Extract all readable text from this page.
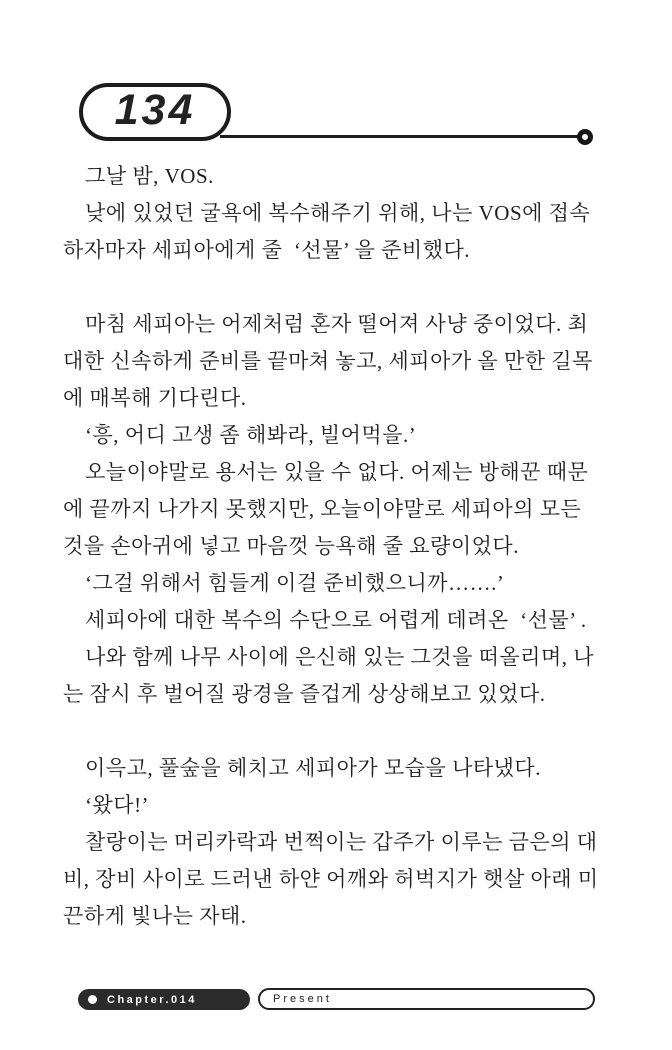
134
그날 밤, VOS.
낮에 있었던 굴욕에 복수해주기 위해, 나는 VOS에 접속
하자마자 세피아에게 줄  ‘선물’ 을 준비했다.
마침 세피아는 어제처럼 혼자 떨어져 사냥 중이었다. 최
대한 신속하게 준비를 끝마쳐 놓고, 세피아가 올 만한 길목
에 매복해 기다린다.
‘흥, 어디 고생 좀 해봐라, 빌어먹을.’
오늘이야말로 용서는 있을 수 없다. 어제는 방해꾼 때문
에 끝까지 나가지 못했지만, 오늘이야말로 세피아의 모든
것을 손아귀에 넣고 마음껏 능욕해 줄 요량이었다.
‘그걸 위해서 힘들게 이걸 준비했으니까…….’
세피아에 대한 복수의 수단으로 어렵게 데려온  ‘선물’ .
나와 함께 나무 사이에 은신해 있는 그것을 떠올리며, 나
는 잠시 후 벌어질 광경을 즐겁게 상상해보고 있었다.
이윽고, 풀숲을 헤치고 세피아가 모습을 나타냈다.
‘왔다!’
찰랑이는 머리카락과 번쩍이는 갑주가 이루는 금은의 대
비, 장비 사이로 드러낸 하얀 어깨와 허벅지가 햇살 아래 미
끈하게 빛나는 자태.
Chapter.014	Present
